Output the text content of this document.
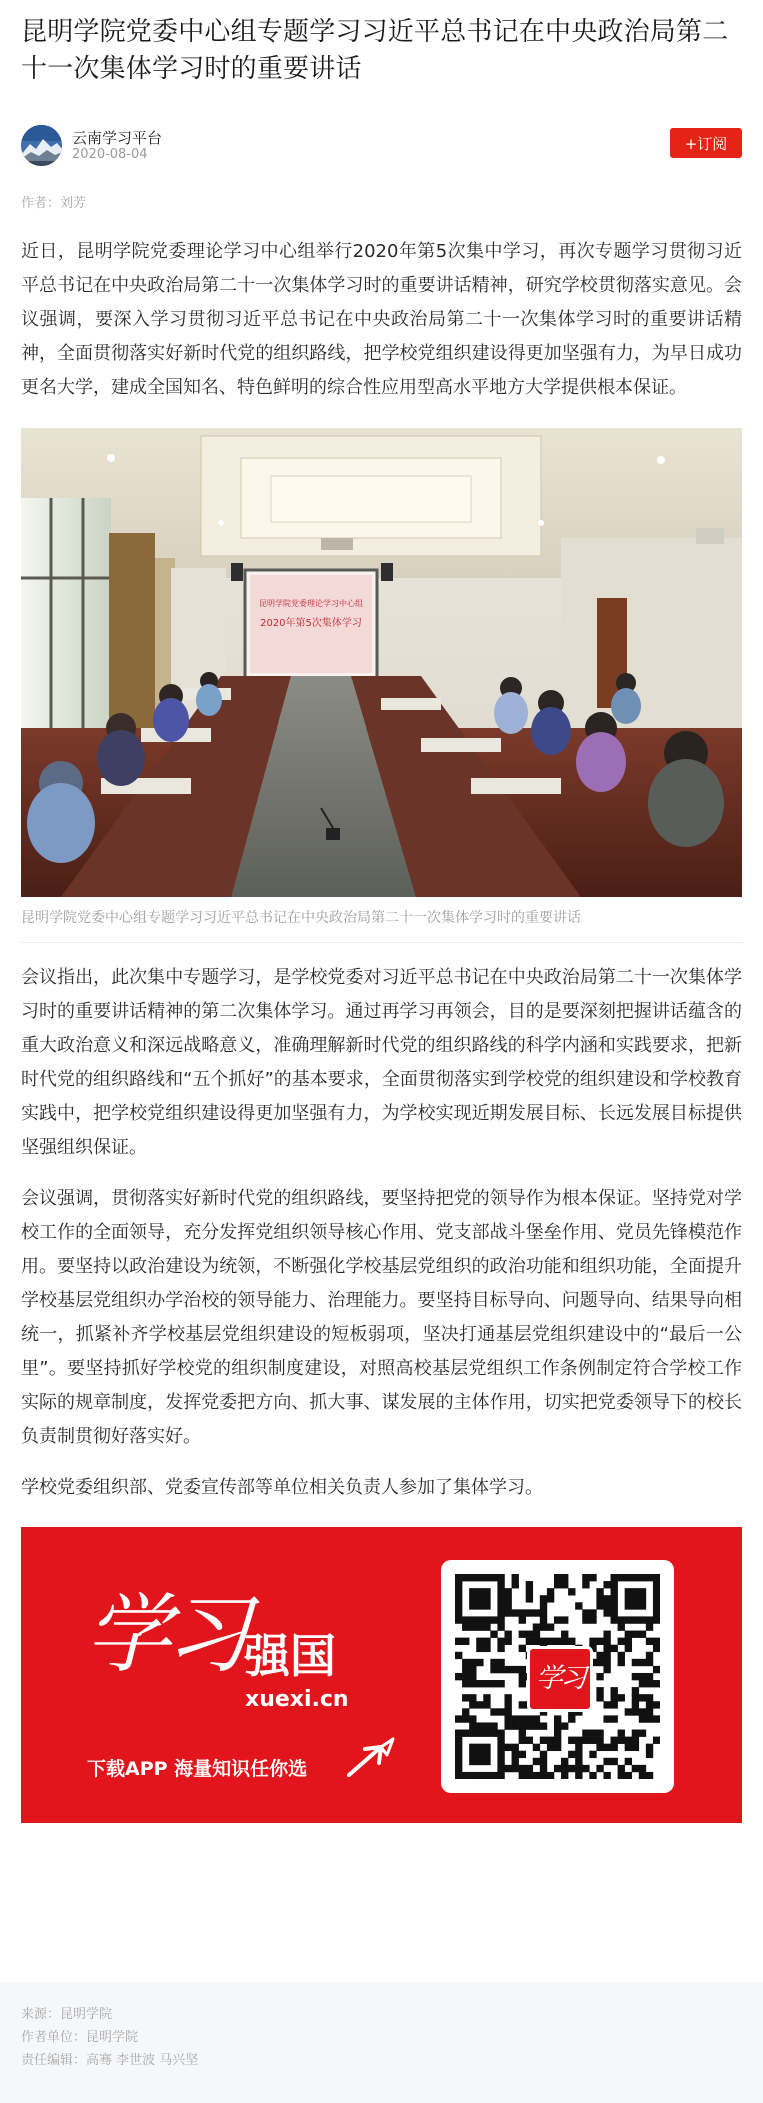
昆明学院党委中心组专题学习习近平总书记在中央政治局第二十一次集体学习时的重要讲话
云南学习平台
2020-08-04
+订阅
作者：刘芳

近日，昆明学院党委理论学习中心组举行2020年第5次集中学习，再次专题学习贯彻习近平总书记在中央政治局第二十一次集体学习时的重要讲话精神，研究学校贯彻落实意见。会议强调，要深入学习贯彻习近平总书记在中央政治局第二十一次集体学习时的重要讲话精神，全面贯彻落实好新时代党的组织路线，把学校党组织建设得更加坚强有力，为早日成功更名大学，建成全国知名、特色鲜明的综合性应用型高水平地方大学提供根本保证。

昆明学院党委理论学习中心组
2020年第5次集体学习
昆明学院党委中心组专题学习习近平总书记在中央政治局第二十一次集体学习时的重要讲话

会议指出，此次集中专题学习，是学校党委对习近平总书记在中央政治局第二十一次集体学习时的重要讲话精神的第二次集体学习。通过再学习再领会，目的是要深刻把握讲话蕴含的重大政治意义和深远战略意义，准确理解新时代党的组织路线的科学内涵和实践要求，把新时代党的组织路线和“五个抓好”的基本要求，全面贯彻落实到学校党的组织建设和学校教育实践中，把学校党组织建设得更加坚强有力，为学校实现近期发展目标、长远发展目标提供坚强组织保证。

会议强调，贯彻落实好新时代党的组织路线，要坚持把党的领导作为根本保证。坚持党对学校工作的全面领导，充分发挥党组织领导核心作用、党支部战斗堡垒作用、党员先锋模范作用。要坚持以政治建设为统领，不断强化学校基层党组织的政治功能和组织功能，全面提升学校基层党组织办学治校的领导能力、治理能力。要坚持目标导向、问题导向、结果导向相统一，抓紧补齐学校基层党组织建设的短板弱项，坚决打通基层党组织建设中的“最后一公里”。要坚持抓好学校党的组织制度建设，对照高校基层党组织工作条例制定符合学校工作实际的规章制度，发挥党委把方向、抓大事、谋发展的主体作用，切实把党委领导下的校长负责制贯彻好落实好。

学校党委组织部、党委宣传部等单位相关负责人参加了集体学习。

学习 强国
xuexi.cn
下载APP 海量知识任你选
学习
来源：昆明学院
作者单位：昆明学院
责任编辑：高骞 李世波 马兴坚
